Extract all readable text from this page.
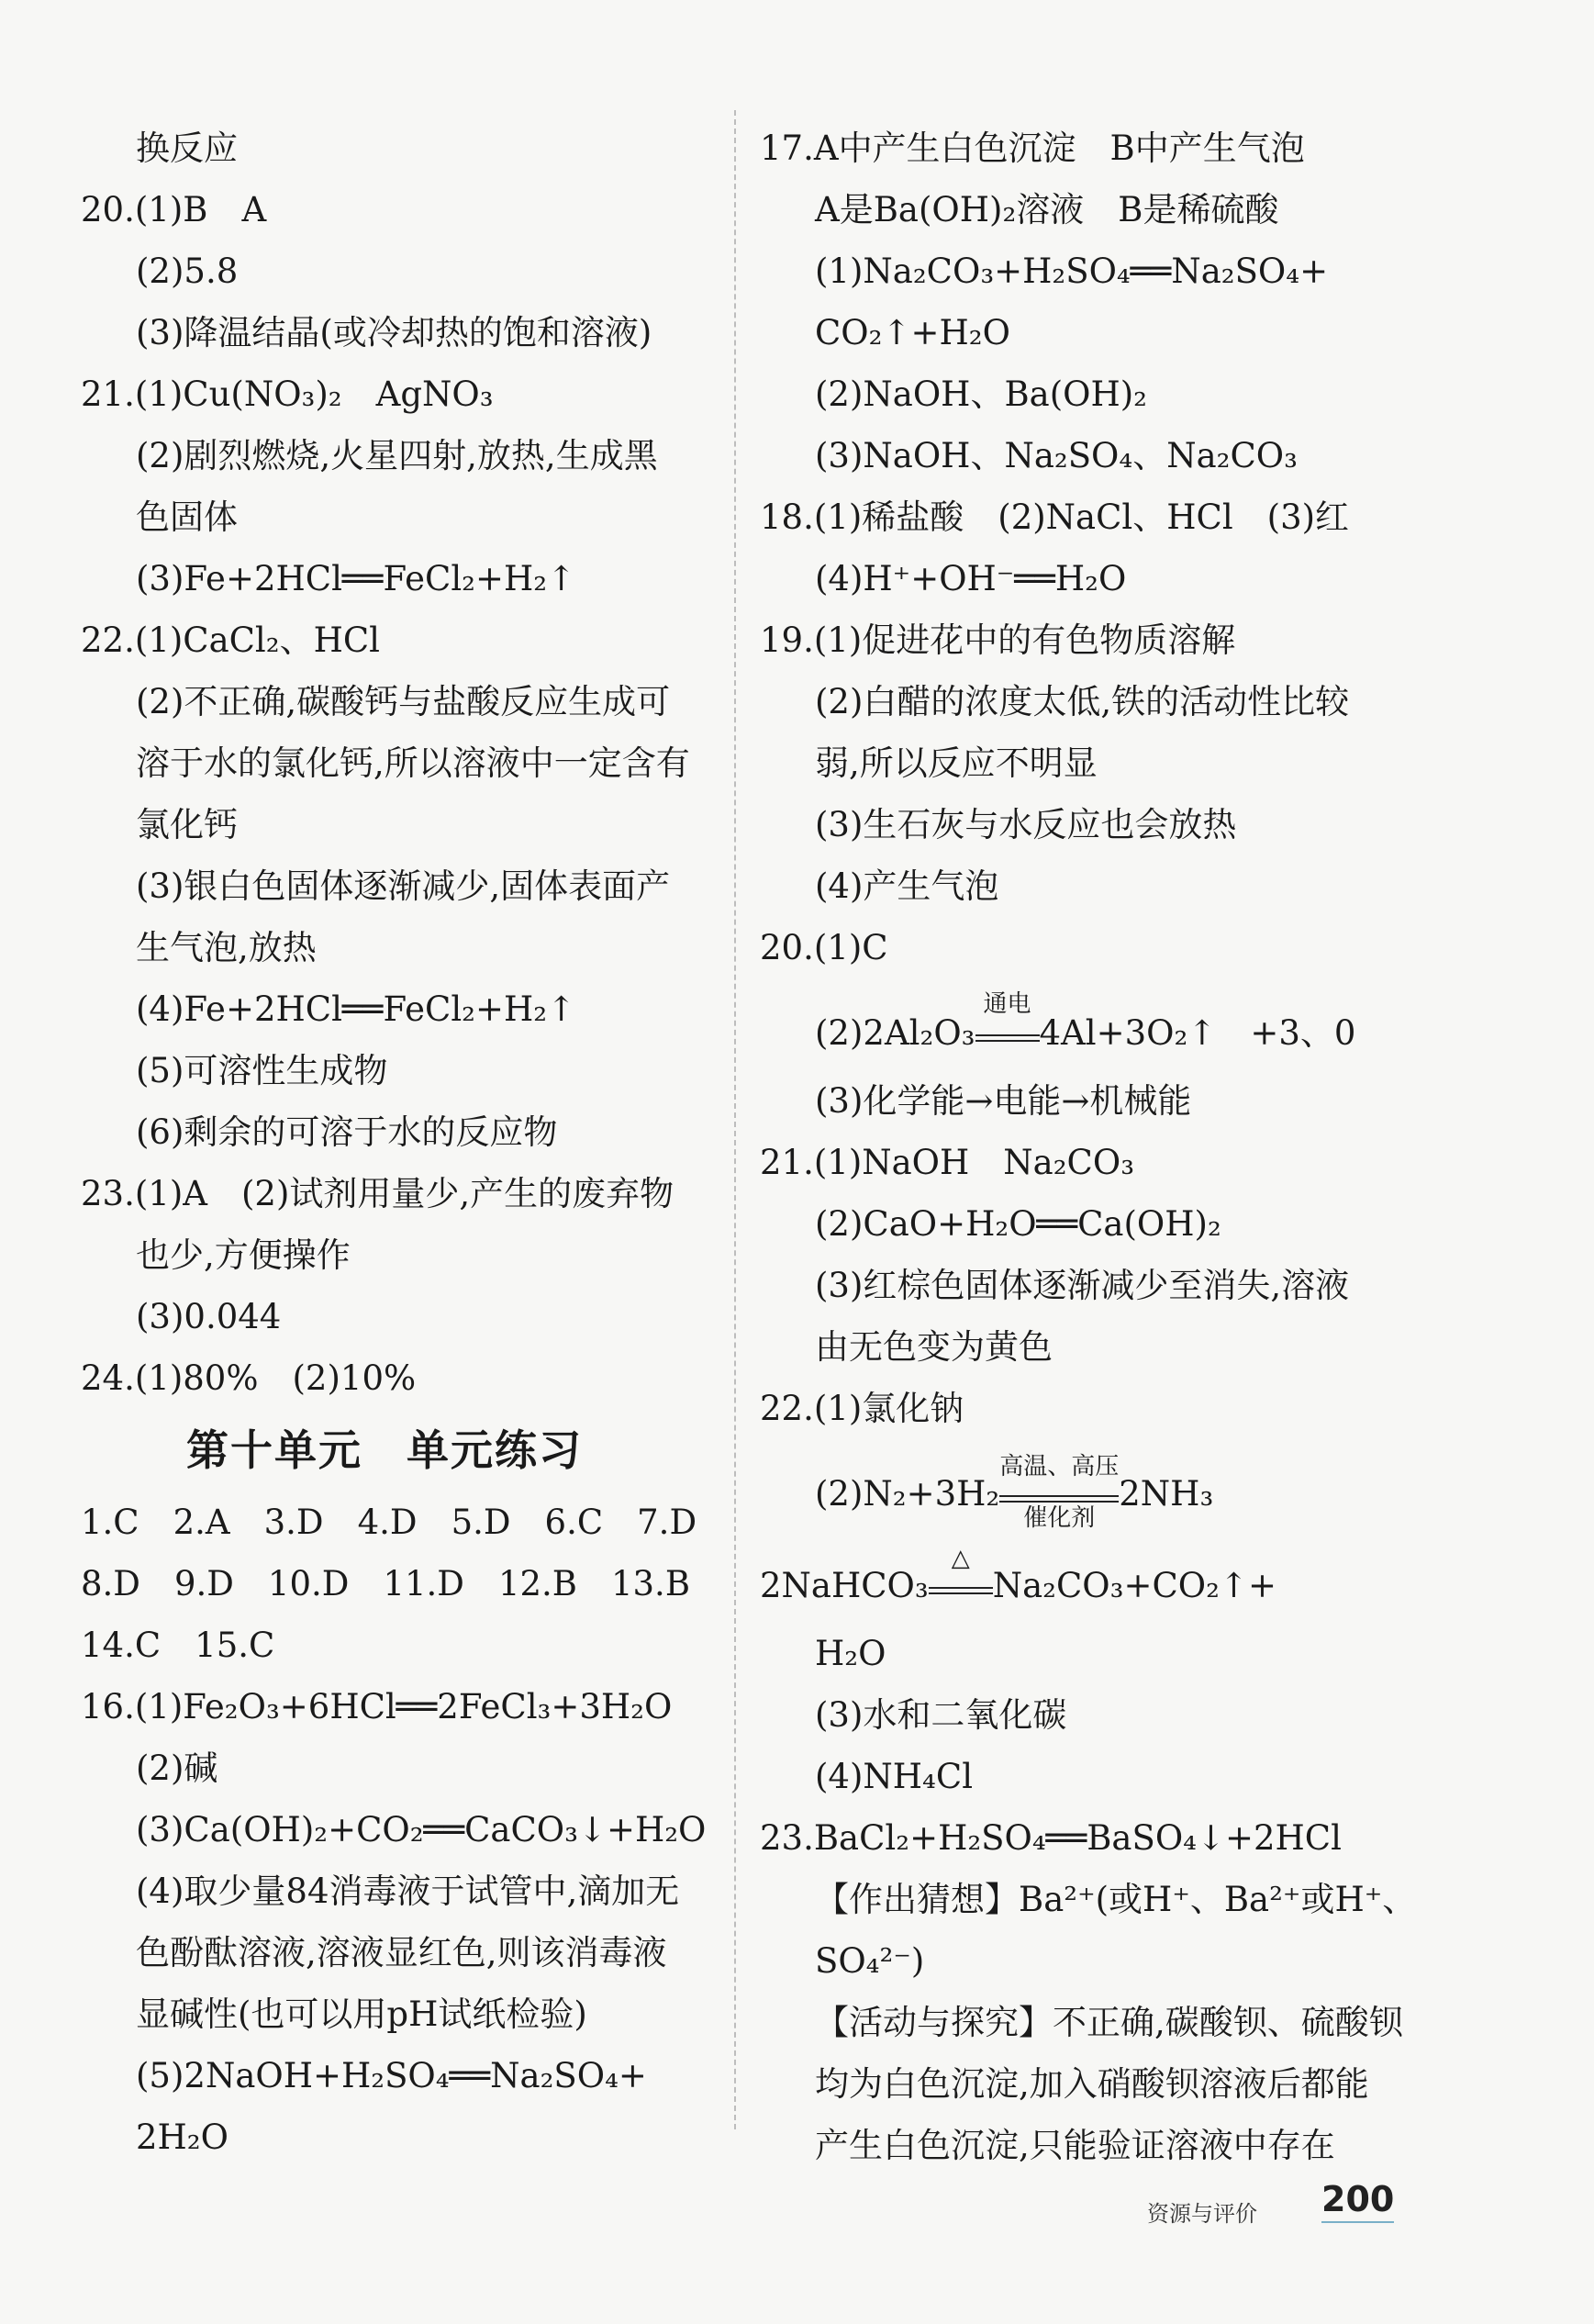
换反应
20.(1)B　A
(2)5.8
(3)降温结晶(或冷却热的饱和溶液)
21.(1)Cu(NO₃)₂　AgNO₃
(2)剧烈燃烧,火星四射,放热,生成黑
色固体
(3)Fe+2HCl══FeCl₂+H₂↑
22.(1)CaCl₂、HCl
(2)不正确,碳酸钙与盐酸反应生成可
溶于水的氯化钙,所以溶液中一定含有
氯化钙
(3)银白色固体逐渐减少,固体表面产
生气泡,放热
(4)Fe+2HCl══FeCl₂+H₂↑
(5)可溶性生成物
(6)剩余的可溶于水的反应物
23.(1)A　(2)试剂用量少,产生的废弃物
也少,方便操作
(3)0.044
24.(1)80%　(2)10%
第十单元　单元练习
1.C　2.A　3.D　4.D　5.D　6.C　7.D
8.D　9.D　10.D　11.D　12.B　13.B
14.C　15.C
16.(1)Fe₂O₃+6HCl══2FeCl₃+3H₂O
(2)碱
(3)Ca(OH)₂+CO₂══CaCO₃↓+H₂O
(4)取少量84消毒液于试管中,滴加无
色酚酞溶液,溶液显红色,则该消毒液
显碱性(也可以用pH试纸检验)
(5)2NaOH+H₂SO₄══Na₂SO₄+
2H₂O
17.A中产生白色沉淀　B中产生气泡
A是Ba(OH)₂溶液　B是稀硫酸
(1)Na₂CO₃+H₂SO₄══Na₂SO₄+
CO₂↑+H₂O
(2)NaOH、Ba(OH)₂
(3)NaOH、Na₂SO₄、Na₂CO₃
18.(1)稀盐酸　(2)NaCl、HCl　(3)红
(4)H⁺+OH⁻══H₂O
19.(1)促进花中的有色物质溶解
(2)白醋的浓度太低,铁的活动性比较
弱,所以反应不明显
(3)生石灰与水反应也会放热
(4)产生气泡
20.(1)C
(2)2Al₂O₃
通电
4Al+3O₂↑　+3、0
(3)化学能→电能→机械能
21.(1)NaOH　Na₂CO₃
(2)CaO+H₂O══Ca(OH)₂
(3)红棕色固体逐渐减少至消失,溶液
由无色变为黄色
22.(1)氯化钠
(2)N₂+3H₂
高温、高压
催化剂
2NH₃
2NaHCO₃
△
Na₂CO₃+CO₂↑+
H₂O
(3)水和二氧化碳
(4)NH₄Cl
23.BaCl₂+H₂SO₄══BaSO₄↓+2HCl
【作出猜想】Ba²⁺(或H⁺、Ba²⁺或H⁺、
SO₄²⁻)
【活动与探究】不正确,碳酸钡、硫酸钡
均为白色沉淀,加入硝酸钡溶液后都能
产生白色沉淀,只能验证溶液中存在
资源与评价 200
